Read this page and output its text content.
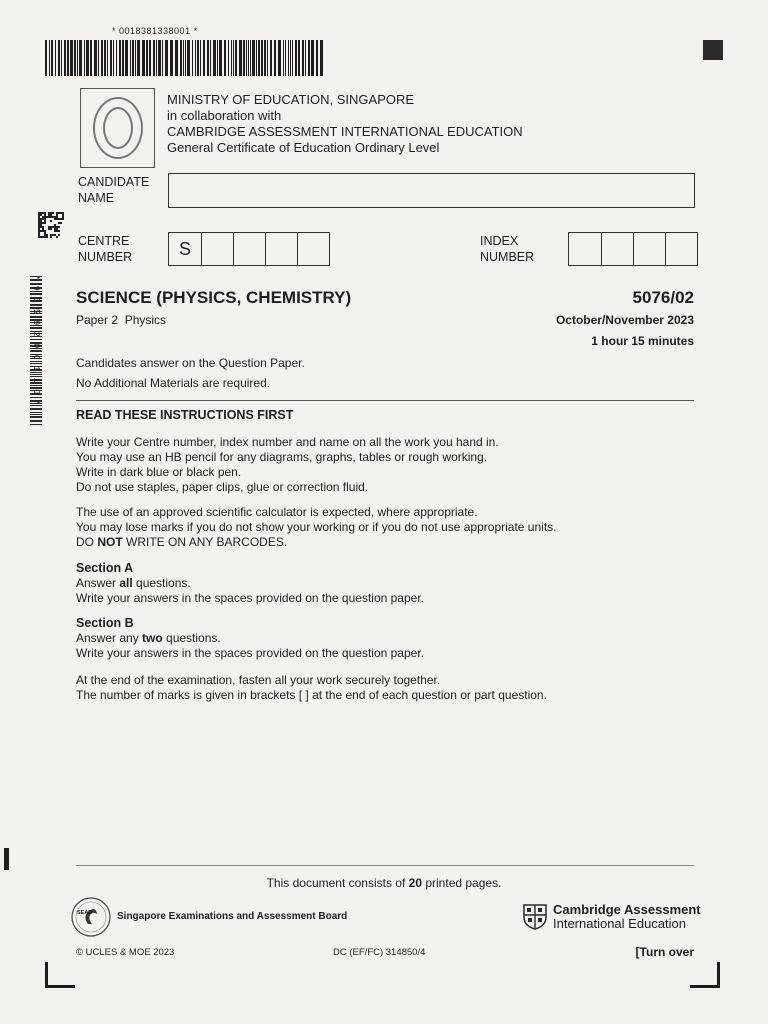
* 0018381338001 *
MINISTRY OF EDUCATION, SINGAPORE
in collaboration with
CAMBRIDGE ASSESSMENT INTERNATIONAL EDUCATION
General Certificate of Education Ordinary Level
CANDIDATE
NAME
CENTRE
NUMBER	S	INDEX
NUMBER
* 9 5 5 9 2 0 0 1 1 0 * SCIENCE (PHYSICS, CHEMISTRY)	5076/02
Paper 2  Physics	October/November 2023
1 hour 15 minutes
Candidates answer on the Question Paper.
No Additional Materials are required.
READ THESE INSTRUCTIONS FIRST
Write your Centre number, index number and name on all the work you hand in.
You may use an HB pencil for any diagrams, graphs, tables or rough working.
Write in dark blue or black pen.
Do not use staples, paper clips, glue or correction fluid.
The use of an approved scientific calculator is expected, where appropriate.
You may lose marks if you do not show your working or if you do not use appropriate units.
DO NOT WRITE ON ANY BARCODES.
Section A
Answer all questions.
Write your answers in the spaces provided on the question paper.
Section B
Answer any two questions.
Write your answers in the spaces provided on the question paper.
At the end of the examination, fasten all your work securely together.
The number of marks is given in brackets [ ] at the end of each question or part question.
This document consists of 20 printed pages.
SEAB Singapore Examinations and Assessment Board	Cambridge Assessment
International Education
© UCLES & MOE 2023	DC (EF/FC) 314850/4	[Turn over
